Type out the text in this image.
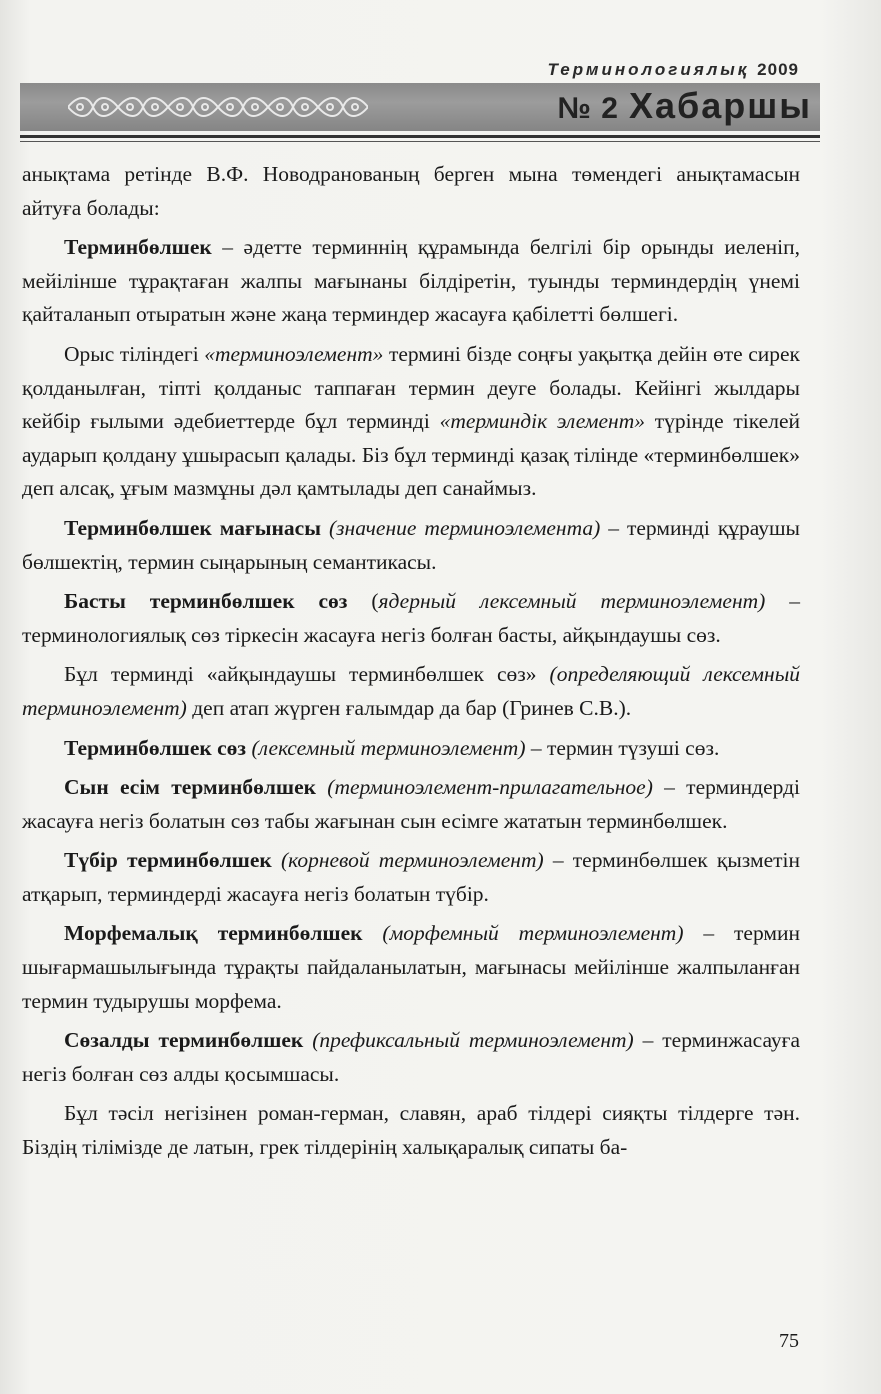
Терминологиялық 2009
№ 2 Хабаршы

анықтама ретінде В.Ф. Новодранованың берген мына төмендегі анықтамасын айтуға болады:

Терминбөлшек – әдетте терминнің құрамында белгілі бір орынды иеленіп, мейілінше тұрақтаған жалпы мағынаны білдіретін, туынды терминдердің үнемі қайталанып отыратын және жаңа терминдер жасауға қабілетті бөлшегі.

Орыс тіліндегі «терминоэлемент» термині бізде соңғы уақытқа дейін өте сирек қолданылған, тіпті қолданыс таппаған термин деуге болады. Кейінгі жылдары кейбір ғылыми әдебиеттерде бұл терминді «терминдік элемент» түрінде тікелей аударып қолдану ұшырасып қалады. Біз бұл терминді қазақ тілінде «терминбөлшек» деп алсақ, ұғым мазмұны дәл қамтылады деп санаймыз.

Терминбөлшек мағынасы (значение терминоэлемента) – терминді құраушы бөлшектің, термин сыңарының семантикасы.

Басты терминбөлшек сөз (ядерный лексемный терминоэлемент) – терминологиялық сөз тіркесін жасауға негіз болған басты, айқындаушы сөз.

Бұл терминді «айқындаушы терминбөлшек сөз» (определяющий лексемный терминоэлемент) деп атап жүрген ғалымдар да бар (Гринев С.В.).

Терминбөлшек сөз (лексемный терминоэлемент) – термин түзуші сөз.

Сын есім терминбөлшек (терминоэлемент-прилагательное) – терминдерді жасауға негіз болатын сөз табы жағынан сын есімге жататын терминбөлшек.

Түбір терминбөлшек (корневой терминоэлемент) – терминбөлшек қызметін атқарып, терминдерді жасауға негіз болатын түбір.

Морфемалық терминбөлшек (морфемный терминоэлемент) – термин шығармашылығында тұрақты пайдаланылатын, мағынасы мейілінше жалпыланған термин тудырушы морфема.

Сөзалды терминбөлшек (префиксальный терминоэлемент) – терминжасауға негіз болған сөз алды қосымшасы.

Бұл тәсіл негізінен роман-герман, славян, араб тілдері сияқты тілдерге тән. Біздің тілімізде де латын, грек тілдерінің халықаралық сипаты ба-

75
